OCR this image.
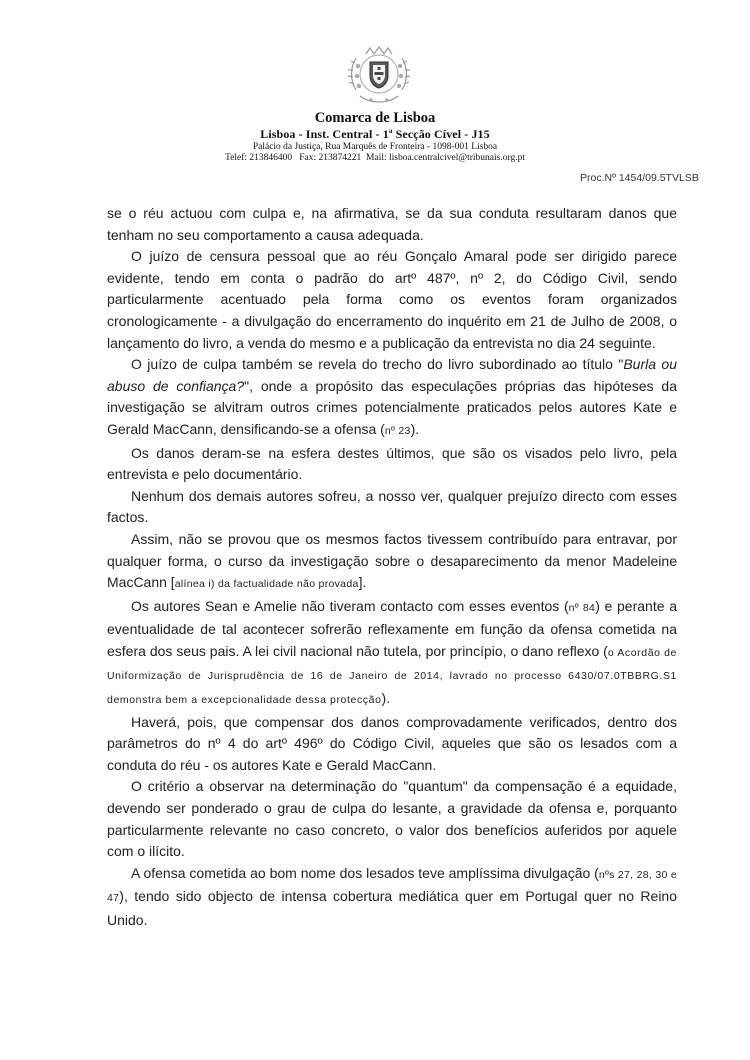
Comarca de Lisboa
Lisboa - Inst. Central - 1ª Secção Cível - J15
Palácio da Justiça, Rua Marquês de Fronteira - 1098-001 Lisboa
Telef: 213846400   Fax: 213874221  Mail: lisboa.centralcivel@tribunais.org.pt
Proc.Nº 1454/09.5TVLSB

se o réu actuou com culpa e, na afirmativa, se da sua conduta resultaram danos que tenham no seu comportamento a causa adequada.

O juízo de censura pessoal que ao réu Gonçalo Amaral pode ser dirigido parece evidente, tendo em conta o padrão do artº 487º, nº 2, do Código Civil, sendo particularmente acentuado pela forma como os eventos foram organizados cronologicamente - a divulgação do encerramento do inquérito em 21 de Julho de 2008, o lançamento do livro, a venda do mesmo e a publicação da entrevista no dia 24 seguinte.

O juízo de culpa também se revela do trecho do livro subordinado ao título "Burla ou abuso de confiança?", onde a propósito das especulações próprias das hipóteses da investigação se alvitram outros crimes potencialmente praticados pelos autores Kate e Gerald MacCann, densificando-se a ofensa (nº 23).

Os danos deram-se na esfera destes últimos, que são os visados pelo livro, pela entrevista e pelo documentário.

Nenhum dos demais autores sofreu, a nosso ver, qualquer prejuízo directo com esses factos.

Assim, não se provou que os mesmos factos tivessem contribuído para entravar, por qualquer forma, o curso da investigação sobre o desaparecimento da menor Madeleine MacCann [alínea i) da factualidade não provada].

Os autores Sean e Amelie não tiveram contacto com esses eventos (nº 84) e perante a eventualidade de tal acontecer sofrerão reflexamente em função da ofensa cometida na esfera dos seus pais. A lei civil nacional não tutela, por princípio, o dano reflexo (o Acordão de Uniformização de Jurisprudência de 16 de Janeiro de 2014, lavrado no processo 6430/07.0TBBRG.S1 demonstra bem a excepcionalidade dessa protecção).

Haverá, pois, que compensar dos danos comprovadamente verificados, dentro dos parâmetros do nº 4 do artº 496º do Código Civil, aqueles que são os lesados com a conduta do réu - os autores Kate e Gerald MacCann.

O critério a observar na determinação do "quantum" da compensação é a equidade, devendo ser ponderado o grau de culpa do lesante, a gravidade da ofensa e, porquanto particularmente relevante no caso concreto, o valor dos benefícios auferidos por aquele com o ilícito.

A ofensa cometida ao bom nome dos lesados teve amplíssima divulgação (nºs 27, 28, 30 e 47), tendo sido objecto de intensa cobertura mediática quer em Portugal quer no Reino Unido.
